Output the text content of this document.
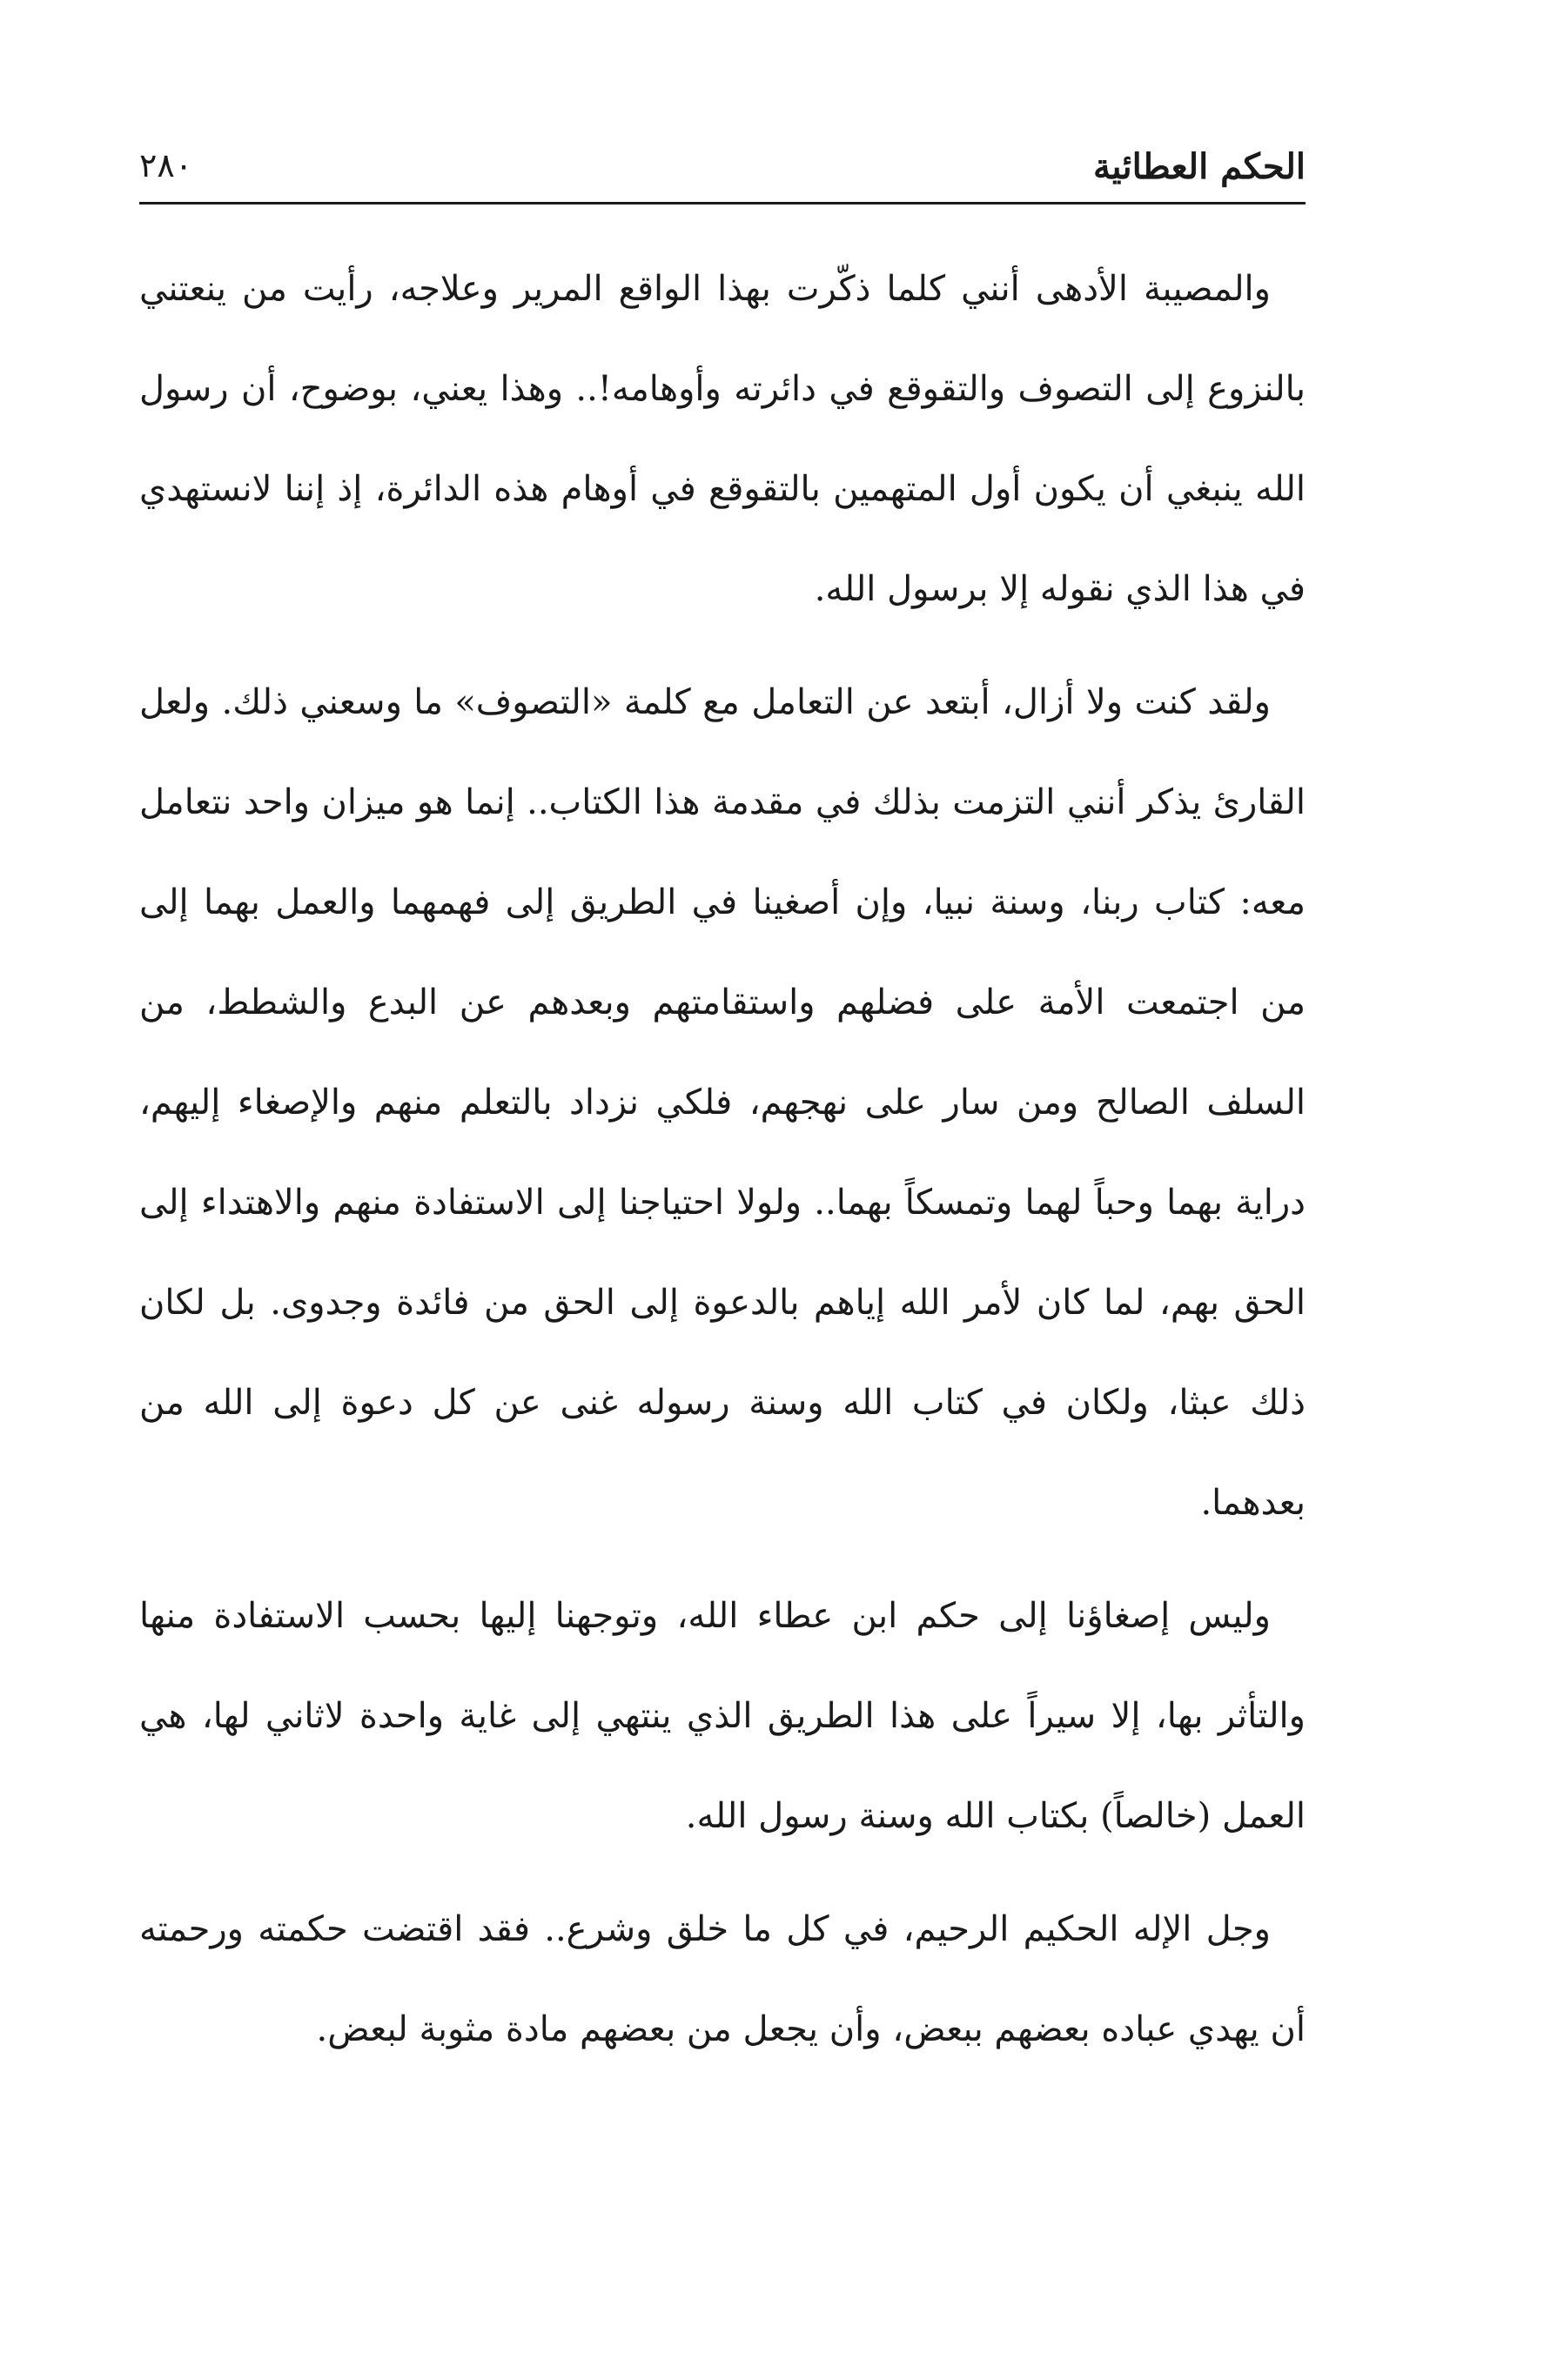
الحكم العطائية
٢٨٠

والمصيبة الأدهى أنني كلما ذكّرت بهذا الواقع المرير وعلاجه، رأيت من ينعتني بالنزوع إلى التصوف والتقوقع في دائرته وأوهامه!.. وهذا يعني، بوضوح، أن رسول الله ينبغي أن يكون أول المتهمين بالتقوقع في أوهام هذه الدائرة، إذ إننا لانستهدي في هذا الذي نقوله إلا برسول الله.

ولقد كنت ولا أزال، أبتعد عن التعامل مع كلمة «التصوف» ما وسعني ذلك. ولعل القارئ يذكر أنني التزمت بذلك في مقدمة هذا الكتاب.. إنما هو ميزان واحد نتعامل معه: كتاب ربنا، وسنة نبيا، وإن أصغينا في الطريق إلى فهمهما والعمل بهما إلى من اجتمعت الأمة على فضلهم واستقامتهم وبعدهم عن البدع والشطط، من السلف الصالح ومن سار على نهجهم، فلكي نزداد بالتعلم منهم والإصغاء إليهم، دراية بهما وحباً لهما وتمسكاً بهما.. ولولا احتياجنا إلى الاستفادة منهم والاهتداء إلى الحق بهم، لما كان لأمر الله إياهم بالدعوة إلى الحق من فائدة وجدوى. بل لكان ذلك عبثا، ولكان في كتاب الله وسنة رسوله غنى عن كل دعوة إلى الله من بعدهما.

وليس إصغاؤنا إلى حكم ابن عطاء الله، وتوجهنا إليها بحسب الاستفادة منها والتأثر بها، إلا سيراً على هذا الطريق الذي ينتهي إلى غاية واحدة لاثاني لها، هي العمل (خالصاً) بكتاب الله وسنة رسول الله.

وجل الإله الحكيم الرحيم، في كل ما خلق وشرع.. فقد اقتضت حكمته ورحمته أن يهدي عباده بعضهم ببعض، وأن يجعل من بعضهم مادة مثوبة لبعض.
